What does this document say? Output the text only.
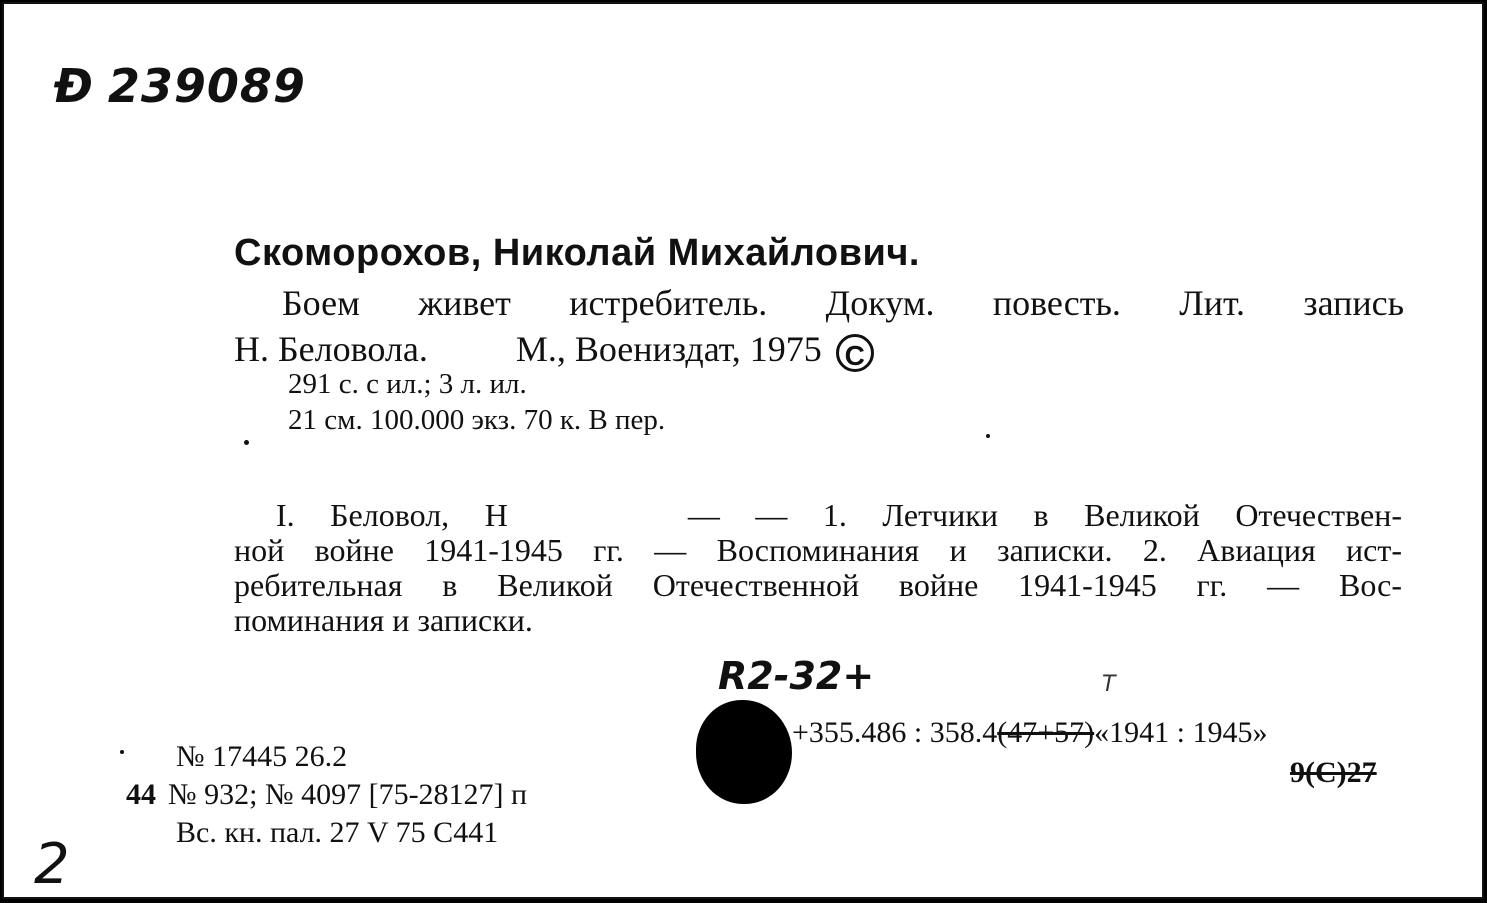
Ð 239089
Скоморохов, Николай Михайлович.
Боем живет истребитель. Докум. повесть. Лит. запись
Н. Беловола. М., Воениздат, 1975 C
291 с. с ил.; 3 л. ил.
21 см. 100.000 экз. 70 к. В пер.
I. Беловол, Н	— — 1. Летчики в Великой Отечествен-
ной войне 1941-1945 гг. — Воспоминания и записки. 2. Авиация ист-
ребительная в Великой Отечественной войне 1941-1945 гг. — Вос-
поминания и записки.
R2-32+	Т
+355.486 : 358.4(47+57)«1941 : 1945»
9(С)27
№ 17445 26.2
44 № 932; № 4097 [75-28127] п
Вс. кн. пал. 27 V 75 С441
2
